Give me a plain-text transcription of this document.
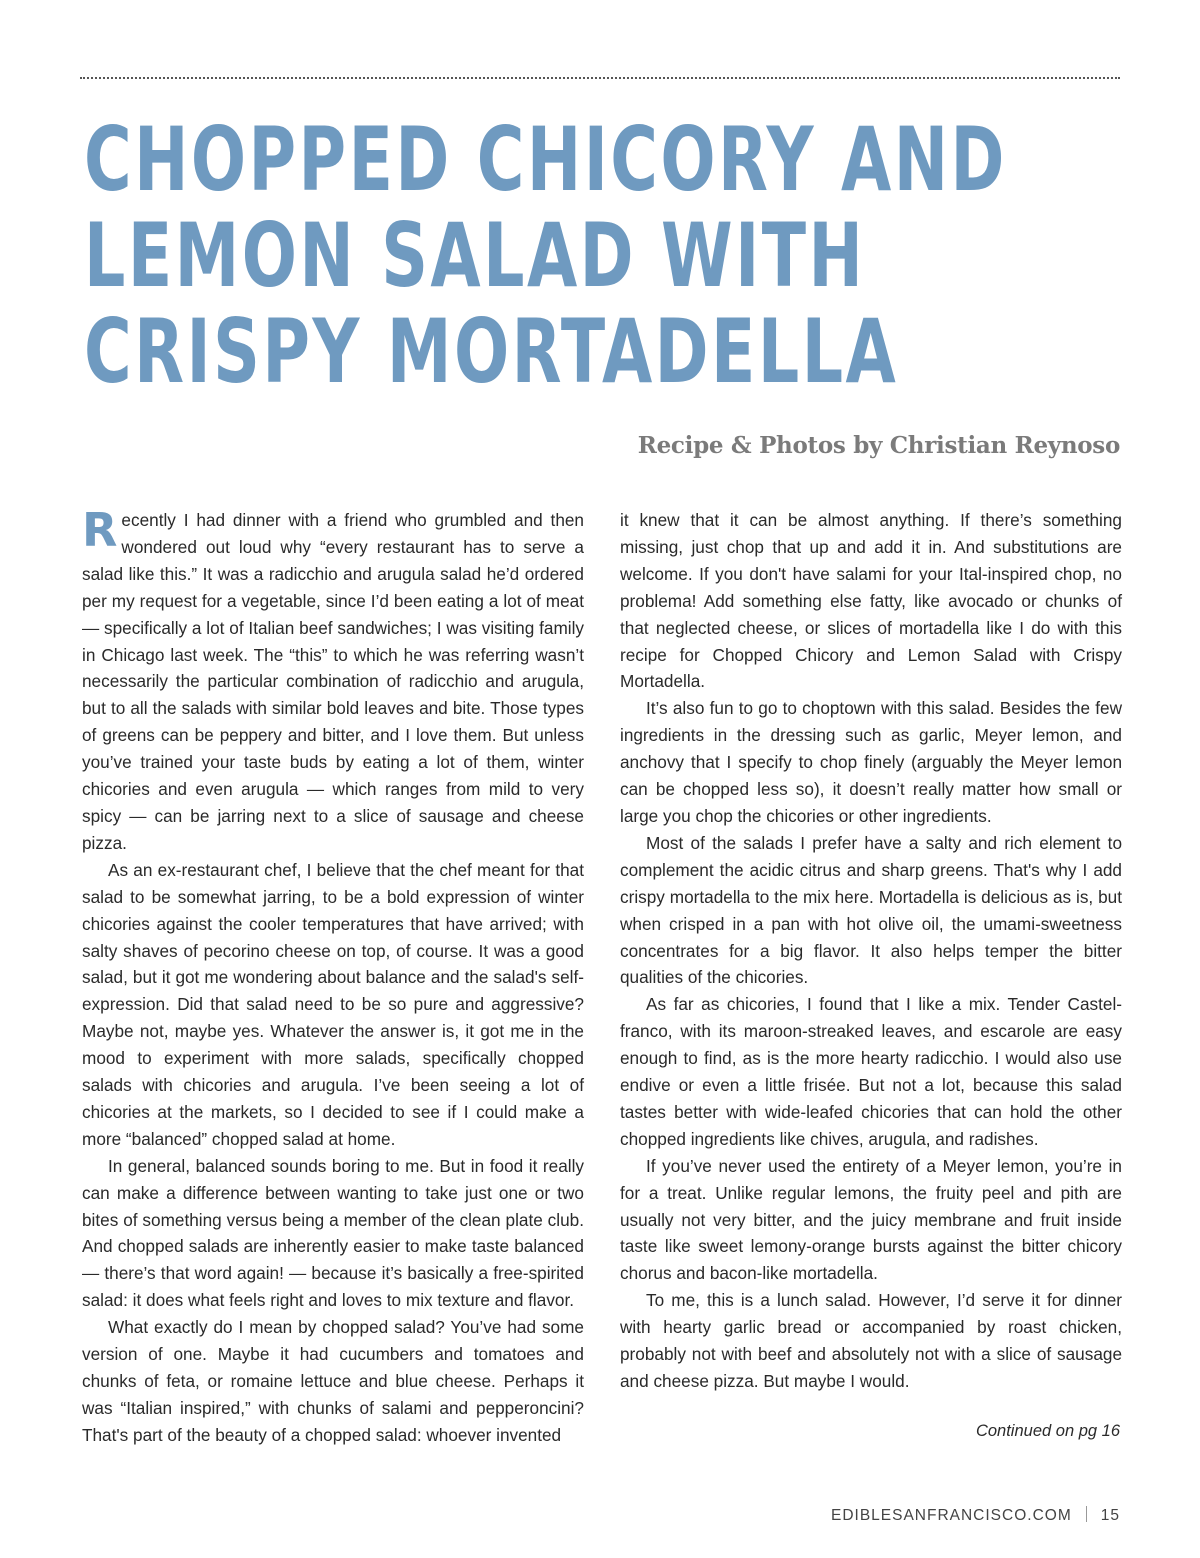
CHOPPED CHICORY AND
LEMON SALAD WITH
CRISPY MORTADELLA
Recipe & Photos by Christian Reynoso

Recently I had dinner with a friend who grumbled and then wondered out loud why “every restaurant has to serve a salad like this.” It was a radicchio and arugula salad he’d ordered per my request for a vegetable, since I’d been eating a lot of meat — specifically a lot of Italian beef sandwiches; I was visiting family in Chicago last week. The “this” to which he was referring wasn’t necessarily the particular combination of radicchio and arugula, but to all the salads with similar bold leaves and bite. Those types of greens can be peppery and bitter, and I love them. But unless you’ve trained your taste buds by eating a lot of them, winter chicories and even arugula — which ranges from mild to very spicy — can be jarring next to a slice of sausage and cheese pizza.

As an ex-restaurant chef, I believe that the chef meant for that salad to be somewhat jarring, to be a bold expression of winter chicories against the cooler temperatures that have arrived; with salty shaves of pecorino cheese on top, of course. It was a good salad, but it got me wondering about balance and the salad's self-expression. Did that salad need to be so pure and aggressive? Maybe not, maybe yes. Whatever the answer is, it got me in the mood to experiment with more salads, specifically chopped salads with chicories and arugula. I’ve been seeing a lot of chicories at the markets, so I decided to see if I could make a more “balanced” chopped salad at home.

In general, balanced sounds boring to me. But in food it really can make a difference between wanting to take just one or two bites of something versus being a member of the clean plate club. And chopped salads are inherently easier to make taste balanced — there’s that word again! — because it’s basically a free-spirited salad: it does what feels right and loves to mix texture and flavor.

What exactly do I mean by chopped salad? You’ve had some version of one. Maybe it had cucumbers and tomatoes and chunks of feta, or romaine lettuce and blue cheese. Perhaps it was “Italian inspired,” with chunks of salami and pepperoncini? That's part of the beauty of a chopped salad: whoever invented

it knew that it can be almost anything. If there’s something missing, just chop that up and add it in. And substitutions are welcome. If you don't have salami for your Ital-inspired chop, no problema! Add something else fatty, like avocado or chunks of that neglected cheese, or slices of mortadella like I do with this recipe for Chopped Chicory and Lemon Salad with Crispy Mortadella.

It’s also fun to go to choptown with this salad. Besides the few ingredients in the dressing such as garlic, Meyer lemon, and anchovy that I specify to chop finely (arguably the Meyer lemon can be chopped less so), it doesn’t really matter how small or large you chop the chicories or other ingredients.

Most of the salads I prefer have a salty and rich element to complement the acidic citrus and sharp greens. That's why I add crispy mortadella to the mix here. Mortadella is delicious as is, but when crisped in a pan with hot olive oil, the umami-sweetness concentrates for a big flavor. It also helps temper the bitter qualities of the chicories.

As far as chicories, I found that I like a mix. Tender Castel-franco, with its maroon-streaked leaves, and escarole are easy enough to find, as is the more hearty radicchio. I would also use endive or even a little frisée. But not a lot, because this salad tastes better with wide-leafed chicories that can hold the other chopped ingredients like chives, arugula, and radishes.

If you’ve never used the entirety of a Meyer lemon, you’re in for a treat. Unlike regular lemons, the fruity peel and pith are usually not very bitter, and the juicy membrane and fruit inside taste like sweet lemony-orange bursts against the bitter chicory chorus and bacon-like mortadella.

To me, this is a lunch salad. However, I’d serve it for dinner with hearty garlic bread or accompanied by roast chicken, probably not with beef and absolutely not with a slice of sausage and cheese pizza. But maybe I would.

Continued on pg 16
EDIBLESANFRANCISCO.COM 15
